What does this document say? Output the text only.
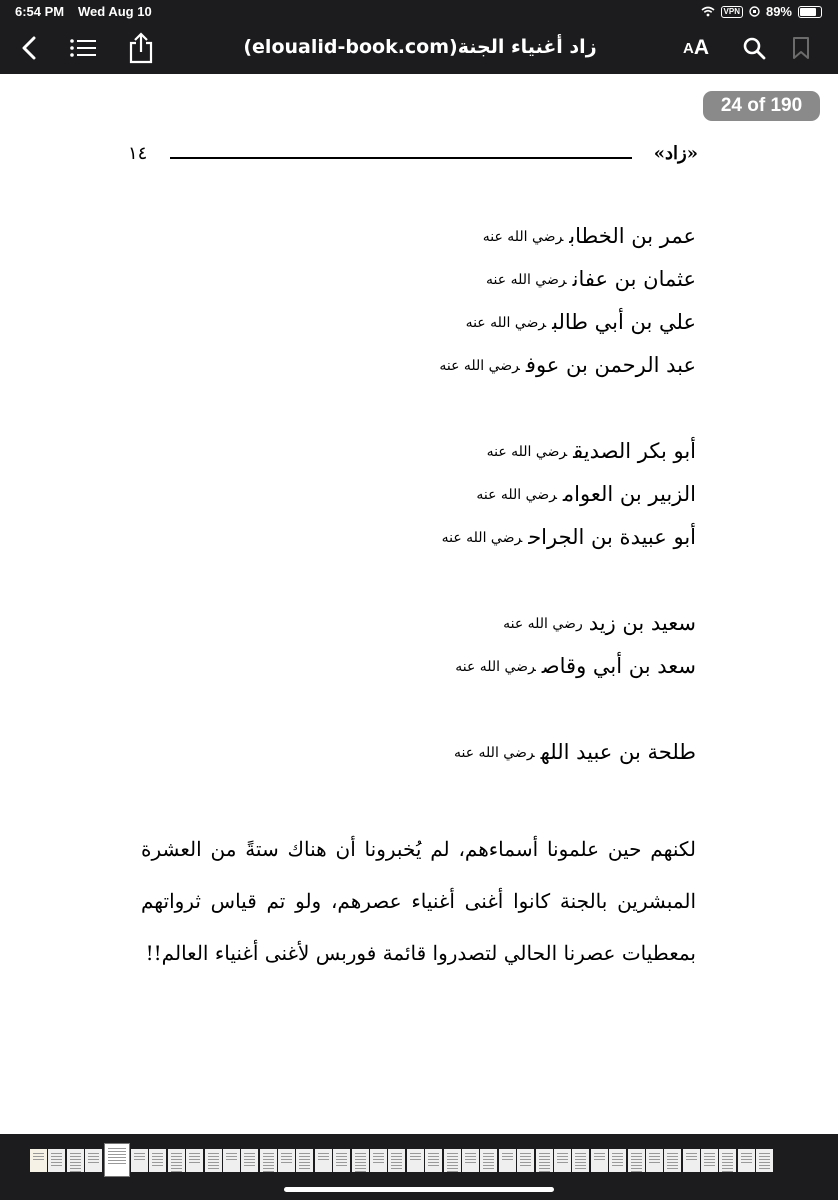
6:54 PM Wed Aug 10	VPN 89%
زاد أغنياء الجنة(eloualid-book.com)	A A
24 of 190
«زاد»
١٤
عمر بن الخطابرضي الله عنه
عثمان بن عفانرضي الله عنه
علي بن أبي طالبرضي الله عنه
عبد الرحمن بن عوفرضي الله عنه
أبو بكر الصديقرضي الله عنه
الزبير بن العوامرضي الله عنه
أبو عبيدة بن الجراحرضي الله عنه
سعيد بن زيدرضي الله عنه
سعد بن أبي وقاصرضي الله عنه
طلحة بن عبيد اللهرضي الله عنه
لكنهم حين علمونا أسماءهم، لم يُخبرونا أن هناك ستةً من العشرة المبشرين بالجنة كانوا أغنى أغنياء عصرهم، ولو تم قياس ثرواتهم بمعطيات عصرنا الحالي لتصدروا قائمة فوربس لأغنى أغنياء العالم!!
